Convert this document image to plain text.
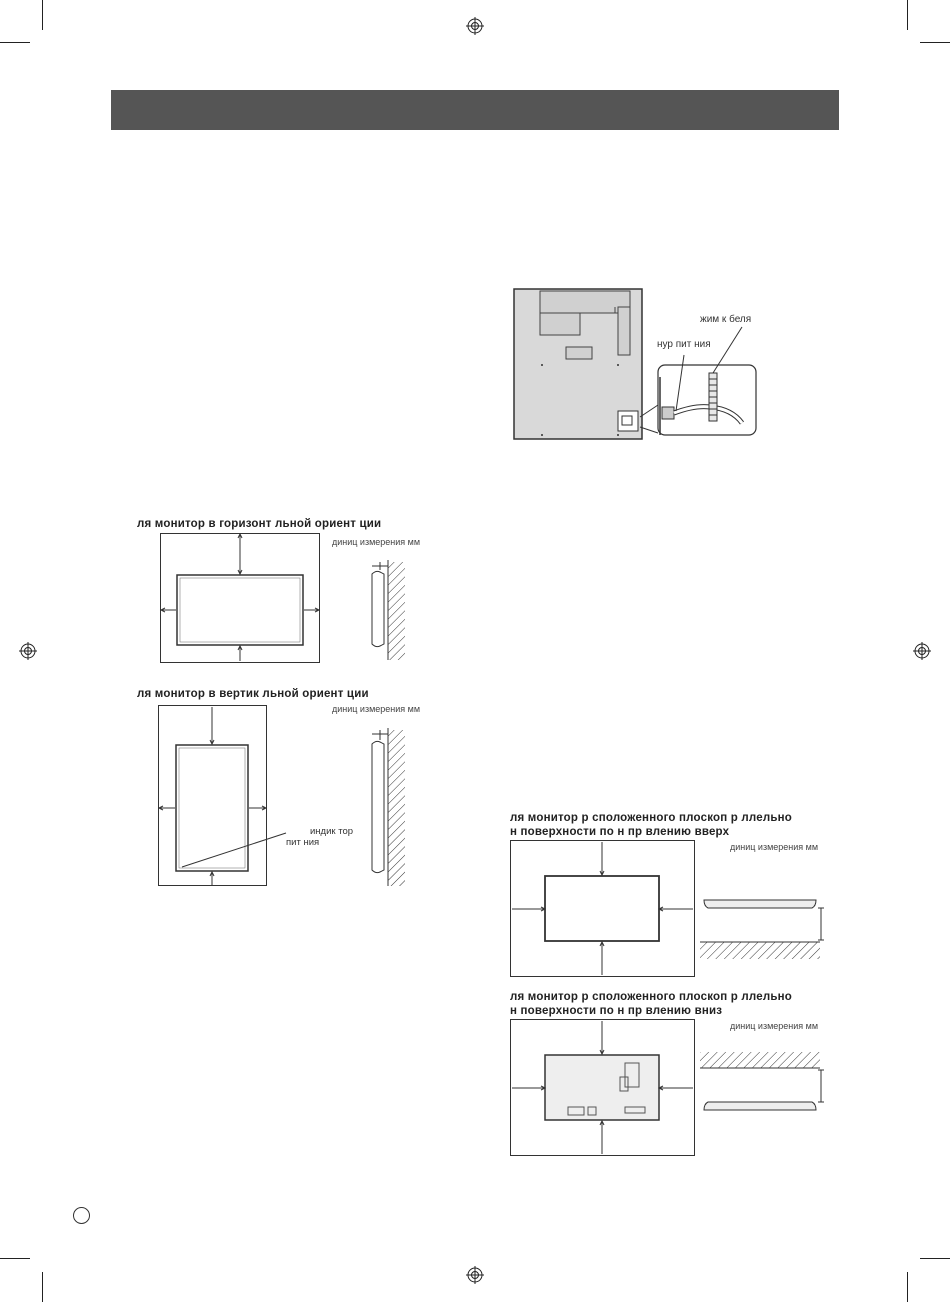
жим к беля
нур пит ния
ля монитор в горизонт льной ориент ции
диниц измерения мм
ля монитор в вертик льной ориент ции
диниц измерения мм
индик тор
пит ния
ля монитор р сположенного плоскоп р ллельно
н поверхности по н пр влению вверх
диниц измерения мм
ля монитор р сположенного плоскоп р ллельно
н поверхности по н пр влению вниз
диниц измерения мм
